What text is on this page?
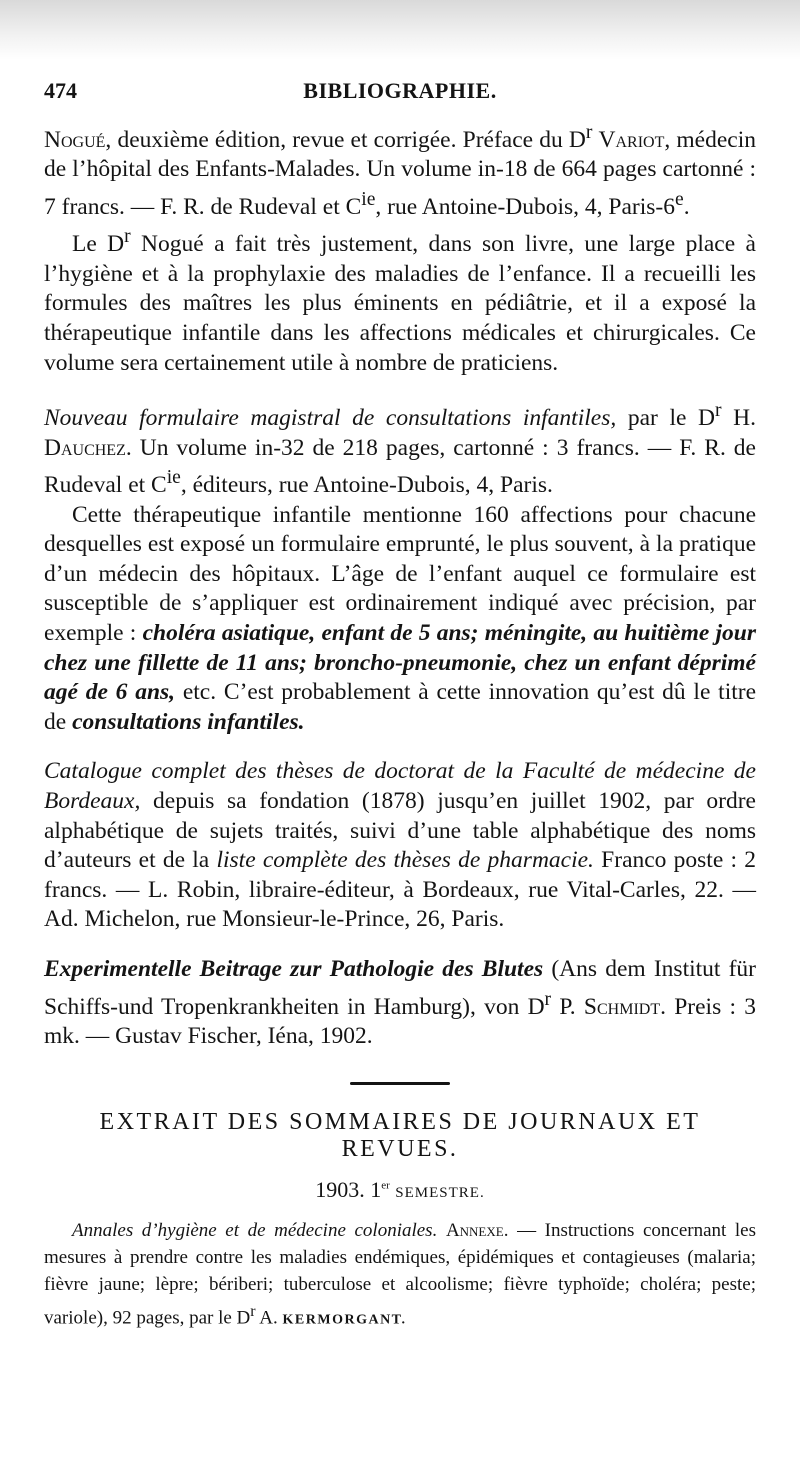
474	BIBLIOGRAPHIE.

Nogué, deuxième édition, revue et corrigée. Préface du $D^r$ Variot, médecin de l’hôpital des Enfants-Malades. Un volume in-18 de 664 pages cartonné : 7 francs. — F. R. de Rudeval et $C^{ie}$, rue Antoine-Dubois, 4, Paris-6e.

Le $D^r$ Nogué a fait très justement, dans son livre, une large place à l’hygiène et à la prophylaxie des maladies de l’enfance. Il a recueilli les formules des maîtres les plus éminents en pédiâtrie, et il a exposé la thérapeutique infantile dans les affections médicales et chirurgicales. Ce volume sera certainement utile à nombre de praticiens.

Nouveau formulaire magistral de consultations infantiles, par le $D^r$ H. Dauchez. Un volume in-32 de 218 pages, cartonné : 3 francs. — F. R. de Rudeval et $C^{ie}$, éditeurs, rue Antoine-Dubois, 4, Paris.

Cette thérapeutique infantile mentionne 160 affections pour chacune desquelles est exposé un formulaire emprunté, le plus souvent, à la pratique d’un médecin des hôpitaux. L’âge de l’enfant auquel ce formulaire est susceptible de s’appliquer est ordinairement indiqué avec précision, par exemple : choléra asiatique, enfant de 5 ans; méningite, au huitième jour chez une fillette de 11 ans; broncho-pneumonie, chez un enfant déprimé agé de 6 ans, etc. C’est probablement à cette innovation qu’est dû le titre de consultations infantiles.

Catalogue complet des thèses de doctorat de la Faculté de médecine de Bordeaux, depuis sa fondation (1878) jusqu’en juillet 1902, par ordre alphabétique de sujets traités, suivi d’une table alphabétique des noms d’auteurs et de la liste complète des thèses de pharmacie. Franco poste : 2 francs. — L. Robin, libraire-éditeur, à Bordeaux, rue Vital-Carles, 22. — Ad. Michelon, rue Monsieur-le-Prince, 26, Paris.

Experimentelle Beitrage zur Pathologie des Blutes (Ans dem Institut für Schiffs-und Tropenkrankheiten in Hamburg), von $D^r$ P. Schmidt. Preis : 3 mk. — Gustav Fischer, Iéna, 1902.

EXTRAIT DES SOMMAIRES DE JOURNAUX ET REVUES.
1903. 1er SEMESTRE.

Annales d’hygiène et de médecine coloniales. Annexe. — Instructions concernant les mesures à prendre contre les maladies endémiques, épidémiques et contagieuses (malaria; fièvre jaune; lèpre; bériberi; tuberculose et alcoolisme; fièvre typhoïde; choléra; peste; variole), 92 pages, par le $D^r$ A. KERMORGANT.
